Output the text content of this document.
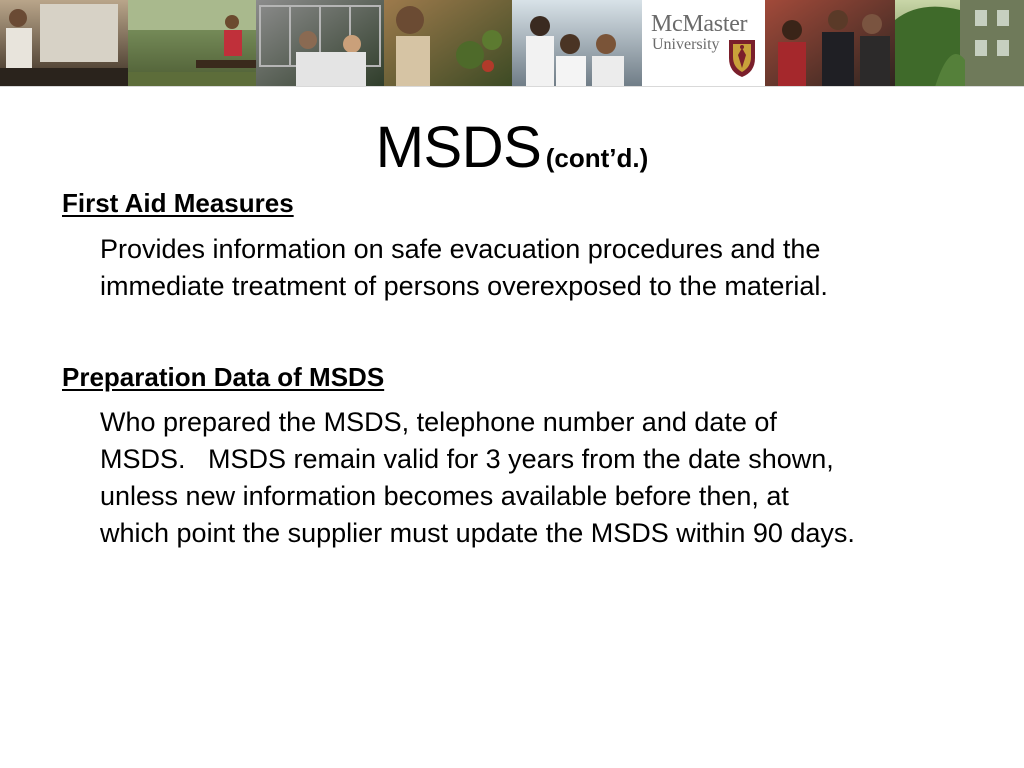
McMaster
University
MSDS (cont’d.)
First Aid Measures

Provides information on safe evacuation procedures and the
immediate treatment of persons overexposed to the material.

Preparation Data of MSDS

Who prepared the MSDS, telephone number and date of
MSDS.   MSDS remain valid for 3 years from the date shown,
unless new information becomes available before then, at
which point the supplier must update the MSDS within 90 days.
